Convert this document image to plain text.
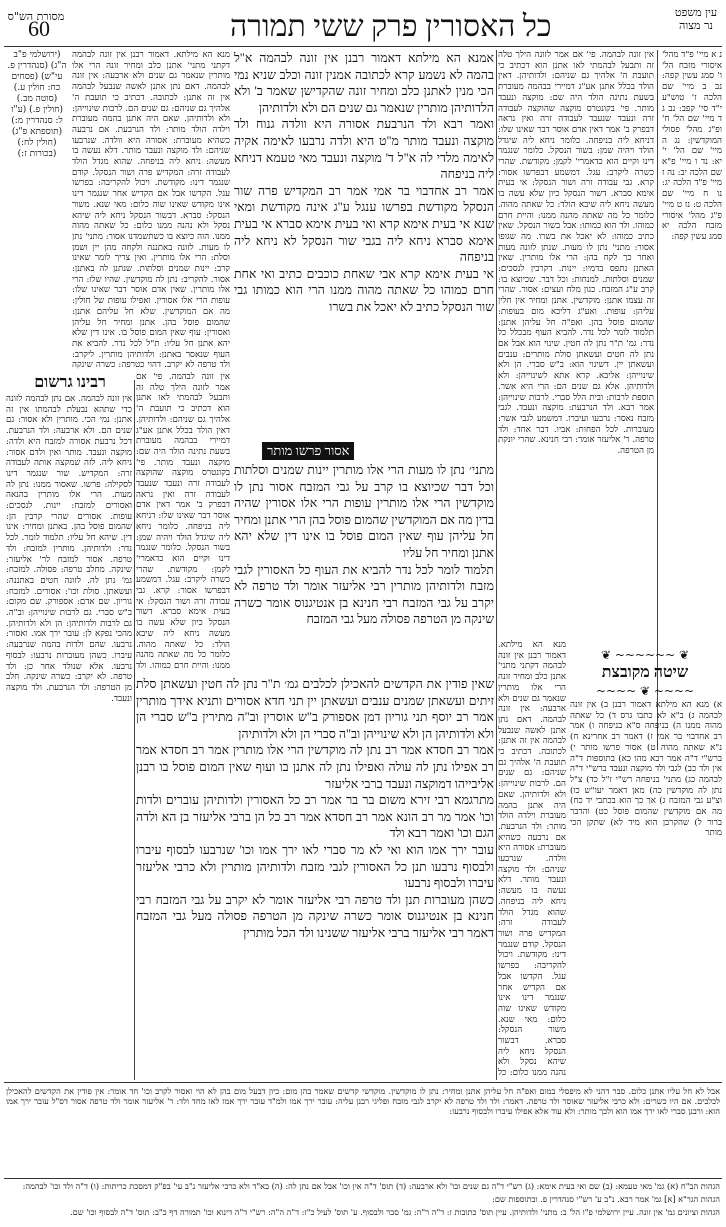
מסורת הש"ס
60	כל האסורין פרק ששי תמורה	עין משפט
נר מצוה

נ א מיי' פ"ד מהל' איסורי מזבח הל' ו' סמג עשין קפה: נב ב מיי' שם הלכה ז' טוש"ע י"ד סי' קפב: נב ג ד מיי' שם הל' ח' ופ"ג מהל' פסולי המוקדשין: נג ה מיי' שם הל' י' יא: נד ו מיי' פ"א שם הלכה יב: נה ז מיי' פ"ד הלכה יג: נו ח מיי' שם הלכה ט: נז ט מיי' פ"ג מהל' איסורי מזבח הלכה יא סמג עשין קפה:

❦ ~~~~~~ ❦
שיטה מקובצת
~~~~ ❦ ~~~~

א) מנא הא מילתא דאמור רבנן ב) אין זונה לבהמה ג) ב"א לא כתבו גרס ד) כל שאתה מהוה ממנו ה) בניפחה ס"א בניפחה ו) אמר רב אחדבוי בר אמי ז) דאמר רב אחרינא ח) נ"א שאתה מהוה ט) אסור פרשו מותר י) ברש"י ד"ה אמר רבא מהו כא) בתוספות ד"ה אין ולד כב) לגבי ולד מוקצה ונעבד ברש"י ד"ה לבהמה כג) מתני' בניפחה רש"י ז"ל כד) צ"ל נתן לה מוקדשין כה) מאן דאמר יעו"ש כו) וצ"ע גבי המזבח ג) אך כך הוא בכתבי יד כח) מה אם מוקדשין שהמום פוסל כט) והדבר ברור ל) שהקרבן הוא מיד לא) שתקן הכי מותר

אין זונה לבהמה. פי' אם אמר לזונה הילך טלה זה ותבעל לבהמתי לאו אתנן הוא דכתיב כי תועבת ה' אלהיך גם שניהם: ולדותיהן. דאין הולד בכלל אתנן אע"ג דמיירי בבהמה מעוברת בשעת נתינה הולד היה שם: מוקצה ונעבד מותר. פי' בקונטרס מוקצה שהוקצה לעבודה זרה ונעבד שנעבד לעבודה זרה ואין נראה דבפרק ב' אמר דאין אדם אוסר דבר שאינו שלו: דניחא ליה בניפחה. כלומר ניחא ליה שיגדל הולד ויהיה שמן: בשור הנסקל. כלומר שנגמר דינו וקיים הוא כדאמרי' לקמן: מקודשת. שהרי כשרה ליקרב: עגל. דמשמע דבפרשו אסור: קרא. גבי עבודה זרה ושור הנסקל: אי בעית אימא סברא. דשור הנסקל כיון שלא עשה בו מעשה ניחא ליה שיבא הולד: כל שאתה מהוה. כלומר כל מה שאתה מהנה ממנו: והיית חרם כמוהו. ולד הוא כמותו: אבל בשור הנסקל. שאין כתיב כמוהו: לא יאכל את בשרו. מה שגופו אסור: מתני' נתן לו מעות. שנתן לזונה מעות ואחר כך לקח בהן: הרי אלו מותרין. שאין האתנן נתפס בדמיו: יינות. דקרבין לנסכים: שמנים וסלתות. למנחות: וכל דבר. שכיוצא בו: קרב ע"ג המזבח. כגון מלח ועצים: אסור. שהרי זה עצמו אתנן: מוקדשין. אתנן ומחיר אין חלין עליהן: עופות. ואע"ג דליכא מום בעופות: שהמום פוסל בהן. ואפ"ה חל עליהן אתנן: תלמוד לומר לכל נדר. להביא העוף מבכלל כל נדר: גמ' ת"ר נתן לה חטין. שינוי הוא אבל אם נתן לה חטים ועשאתן סולת מותרים: ענבים ועשאתן יין. דשינוי הוא: ב"ש סברי. הן ולא שינוייהן: אליבא. קרא אתא לשינוייהן: ולא ולדותיהן. אלא גם שנים הם: הרי היא אשר. תוספת לרבות: ובית הלל סברי. לרבות שינוייהן: אמר רבא. ולד הנרבעת: מוקצה ונעבד. לגבי מזבח נאסר: נרבעו ועיברו. דמשמע לגבי אשר: מעוברות. לכל הפחות: אביו. דבר אחד: ולד טרפה. ר' אליעזר אומר: רבי חנינא. שהרי יונקת מן הטרפה.

מנא הא מילתא. דאמור רבנן אין זונה לבהמה דקתני מתני' אתנן כלב ומחיר זונה הרי אלו מותרין שנאמר גם שנים ולא ארבעה: אין זונה לבהמה. דאם נתן אתנן לאשה שנבעל לבהמה אין זה אתנן: לכתובה. דכתיב כי תועבת ה' אלהיך גם שניהם: גם שנים הם. לרבות שינוייהן: ולא ולדותיהן. שאם היה אתנן בהמה מעוברת וילדה הולד מותר: ולד הנרבעת. אם נרבעה כשהיא מעוברת: אסורה היא וולדה. שנרבעו שניהם: ולד מוקצה ונעבד מותר. דלא נעשה בו מעשה: ניחא ליה בניפחה. שהוא מגדל הולד לעבודה זרה: המקדיש פרה ושור הנסקל. קודם שנגמר דינו: מקודשת. ויכול להקריבה: בפרשו עגל. הקדשו אבל אם הקדיש אחר שנגמר דינו אינו מקודש שאינו שוה כלום: מאי שנא. משור הנסקל: סברא. דבשור הנסקל ניחא ליה שיהא נסקל ולא נהנה ממנו כלום: כל

אמנא הא מילתא דאמור רבנן אין זונה לבהמה א"ל בהמה לא נשמע קרא לכתובה אמנין זונה וכלב שניא נמי הכי מנין לאתנן כלב ומחיר זונה שהקדישן שאמר ב' ולא הלדותיהן מותרין שנאמר גם שנים הם ולא ולדותיהן

ואמר רבא ולד הנרבעת אסורה היא וולדה גנוח ולד מוקצה ונעבד מותר מ"ט היא ולדה נרבעו לאימה אקיה לאימה מלדי לה א"ל ד' מוקצה ונעבד מאי טעמא דניחא ליה בניפחה

אמר רב אחדבוי בר אמי אמר רב המקדיש פרה שור הנסקל מקודשת בפרשו ענגל ע"ג אינה מקודשת ומאי שנא אי בעית אימא קרא ואי בעית אימא סברא אי בעית אימא סברא ניחא ליה בגבי שור הנסקל לא ניחא ליה בניפחה

אי בעית אימא קרא אבי שאחת כוכבים כתיב ואי אחת חרם כמוהו כל שאתה מהוה ממנו הרי הוא כמותו גבי שור הנסקל כתיב לא יאכל את בשרו

אסור פרשו מותר

מתני׳ נתן לו מעות הרי אלו מותרין יינות שמנים וסלתות וכל דבר שכיוצא בו קרב על גבי המזבח אסור נתן לו מוקדשין הרי אלו מותרין עופות הרי אלו אסורין שהיה בדין מה אם המוקדשין שהמום פוסל בהן הרי אתנן ומחיר חל עליהן עוף שאין המום פוסל בו אינו דין שלא יהא אתנן ומחיר חל עליו

תלמוד לומר לכל נדר להביא את העוף כל האסורין לגבי מזבח ולדותיהן מותרין רבי אליעזר אומר ולד טרפה לא יקרב על גבי המזבח רבי חנינא בן אנטיגנוס אומר כשרה שינקה מן הטרפה פסולה מעל גבי המזבח

שאין פודין את הקדשים להאכילן לכלבים גמ׳ ת"ר נתן לה חטין ועשאתן סלת זיתים ועשאתן שמנים ענבים ועשאתן יין תני חדא אסורים ותניא אידך מותרין אמר רב יוסף תני גוריון דמן אספורק ב"ש אוסרין וב"ה מתירין ב"ש סברי הן ולא ולדותיהן הן ולא שינוייהן וב"ה סברי הן ולא ולדותיהן

אמר רב חסדא אמר רב נתן לה מוקדשין הרי אלו מותרין אמר רב חסדא אמר רב אפילו נתן לה עולה ואפילו נתן לה אתנן בו ועוף שאין המום פוסל בו רבנן אליבייהו דמוקצה ונעבד ברבי אליעזר

מתרגמא רבי זירא משום בר בר אמר רב כל האסורין ולדותיהן עוברים ולדות וכו' אמר מר רב הונא אמר רב חסדא אמר רב כל הן ברבי אליעזר בן הא ולדה הגם וכו' ואמר רבא ולד

עובר ירך אמו הוא ואי לא מר סברי לאו ירך אמו וכו' שנרבעו לבסוף עיברו ולבסוף נרבעו תנן כל האסורין לגבי מזבח ולדותיהן מותרין ולא כרבי אליעזר עיברו ולבסוף נרבעו

כשהן מעוברות תנן ולד טרפה רבי אליעזר אומר לא יקרב על גבי המזבח רבי חנינא בן אנטיגנוס אומר כשרה שינקה מן הטרפה פסולה מעל גבי המזבח דאמר רבי אליעזר ברבי אליעזר ששנינו ולד הכל מותרין

מנא הא מילתא. דאמור רבנן אין זונה לבהמה דקתני מתני' אתנן כלב ומחיר זונה הרי אלו מותרין שנאמר גם שנים ולא ארבעה: אין זונה לבהמה. דאם נתן אתנן לאשה שנבעל לבהמה אין זה אתנן: לכתובה. דכתיב כי תועבת ה' אלהיך גם שניהם: גם שנים הם. לרבות שינוייהן: ולא ולדותיהן. שאם היה אתנן בהמה מעוברת וילדה הולד מותר: ולד הנרבעת. אם נרבעה כשהיא מעוברת: אסורה היא וולדה. שנרבעו שניהם: ולד מוקצה ונעבד מותר. דלא נעשה בו מעשה: ניחא ליה בניפחה. שהוא מגדל הולד לעבודה זרה: המקדיש פרה ושור הנסקל. קודם שנגמר דינו: מקודשת. ויכול להקריבה: בפרשו עגל. הקדשו אבל אם הקדיש אחר שנגמר דינו אינו מקודש שאינו שוה כלום: מאי שנא. משור הנסקל: סברא. דבשור הנסקל ניחא ליה שיהא נסקל ולא נהנה ממנו כלום: כל שאתה מהוה ממנו. הוה כיוצא בו כשתשמדנו אסור: מתני' נתן לו מעות. לזונה באתננה ולקחה מהן יין ושמן וסלת: הרי אלו מותרין. ואין צריך לומר שאינו קרב: יינות שמנים וסלתות. שנתנן לה באתנן: אסור. להקריב: נתן לה מוקדשין. שהיו שלו: הרי אלו מותרין. שאין אדם אוסר דבר שאינו שלו: עופות הרי אלו אסורין. ואפילו עופות של חולין: מה אם המוקדשין. שלא חל עליהם אתנן: שהמום פוסל בהן. אתנן ומחיר חל עליהן ואסורין: עוף שאין המום פוסל בו. אינו דין שלא יהא אתנן חל עליו: ת"ל לכל נדר. להביא את העוף שנאסר באתנן: ולדותיהן מותרין. ליקרב: ולד טרפה לא יקרב. דהוי כטרפה: כשרה שינקה

רבינו גרשום

אין זונה לבהמה. אם נתן לבהמה לזונה כדי שתהא נבעלת לבהמתו אין זה אתנן: נמי הכי. מותרין ולא אסור: גם שנים הם. ולא ארבעה: ולד הנרבעת. דכל נרבעת אסורה למזבח היא ולדה: מוקצה ונעבד. מותר ואין ולדם אסור: ניחא ליה. לזה שמקצה אותה לעבודה זרה: המקדיש. שור שנגמר דינו לסקילה: פרשו. שאסור ממנו: נתן לה מעות. הרי אלו מותרין בהנאה ואסורים למזבח: יינות. לנסכים: עופות. אסורים שהרי קרבין הן: שהמום פוסל בהן. באתנן ומחיר: אינו דין. שיהא חל עליו: תלמוד לומר. לכל נדר: ולדותיהן. מותרין למזבח: ולד טרפה. אסור למזבח לר' אליעזר: שינקה. מחלב טרפה: פסולה. למזבח: גמ' נתן לה. לזונה חטים באתננה: ועשאתן. סולת וכו': אסורים. למזבח: גוריון. שם אדם: אספורק. שם מקום: ב"ש סברי. גם לרבות שינוייהן: וב"ה. גם לרבות ולדותיהן: הן ולא ולדותיהן. מהכי נפקא לן: עובר ירך אמו. ואסור: נרבעו. שהם ולדות בהמה שנרבעה: עיברו. כשהן מעוברות נרבעו: לבסוף נרבעו. אלא שנולד אחר כן: ולד טרפה. לא יקרב: כשרה שינקה. חלב מן הטרפה: ולד הנרבעת. ולד מוקצה ונעבד.

אין זונה לבהמה. פי' אם אמר לזונה הילך טלה זה ותבעל לבהמתי לאו אתנן הוא דכתיב כי תועבת ה' אלהיך גם שניהם: ולדותיהן. דאין הולד בכלל אתנן אע"ג דמיירי בבהמה מעוברת בשעת נתינה הולד היה שם: מוקצה ונעבד מותר. פי' בקונטרס מוקצה שהוקצה לעבודה זרה ונעבד שנעבד לעבודה זרה ואין נראה דבפרק ב' אמר דאין אדם אוסר דבר שאינו שלו: דניחא ליה בניפחה. כלומר ניחא ליה שיגדל הולד ויהיה שמן: בשור הנסקל. כלומר שנגמר דינו וקיים הוא כדאמרי' לקמן: מקודשת. שהרי כשרה ליקרב: עגל. דמשמע דבפרשו אסור: קרא. גבי עבודה זרה ושור הנסקל: אי בעית אימא סברא. דשור הנסקל כיון שלא עשה בו מעשה ניחא ליה שיבא הולד: כל שאתה מהוה. כלומר כל מה שאתה מהנה ממנו: והיית חרם כמוהו. ולד

(ירושלמי פ"ב ה"ג) (סנהדרין פ. עי"ש) (פסחים כח: חולין ע.) (סוטה מב.) (חולין פ.) (ע"ז ל: סנהדרין מ:) (תוספתא פ"ג) (חולין לח:) (בכורות ז:)

אבל לא חל עליו אתנן כלום. סבר דהני לא מיפסלי במום ואפ"ה חל עליהן אתנן ומחיר: נתן לו מוקדשין. מוקדשי קדשים שאמר בהן מום: כיון דבעל מום בהן לא הוי ואסור לקרב וכו' חד אומר: אין פודין את הקדשים להאכילן לכלבים. אם היו כשרים: ולא כרבי אליעזר שאוסר ולד טרפה. דאמר: ולד ולד טרפה לא יקרב לגבי מזבח ופליגי רבנן עליה: עובר ירך אמו ולמ"ד עובר ירך אמו לאו מחד ולד: ר' אליעזר אומר ולד טרפה אסור דס"ל עובר ירך אמו הוא: ורבנן סברי לאו ירך אמו הוא ולכך מותר: ולא עוד אלא אפילו עיברו ולבסוף נרבעו:

הגהות הב"ח (א) גמ' מאי טעמא: (ב) שם ואי בעית אימא: (ג) רש"י ד"ה גם שנים וכו' ולא ארבעה: (ד) תוס' ד"ה אין וכו' אבל אם נתן לה: (ה) בא"ד ולא כרבי אליעזר נ"ב עי' בפ"ק דמסכת כריתות: (ו) ד"ה ולד וכו' לבהמה:

הגהות הגר"א [א] גמ' אמר רבא. נ"ב ע' רש"י סנהדרין פ. ובתוספות שם:

הגהות וציונים גמ' אין זונה. עיין ירושלמי פ"ו הל' ב: מתני' ולדותיהן. עיין תוס' כתובות ז: ד"ה ר"ה: גמ' סבר ולבסוף. ע' תוס' לעיל כ"ז: ד"ה ה"ה: רש"י ד"ה דינוא וכו' תמורה דף כ"ב: תוס' ד"ה לבסוף וכו' שם.
